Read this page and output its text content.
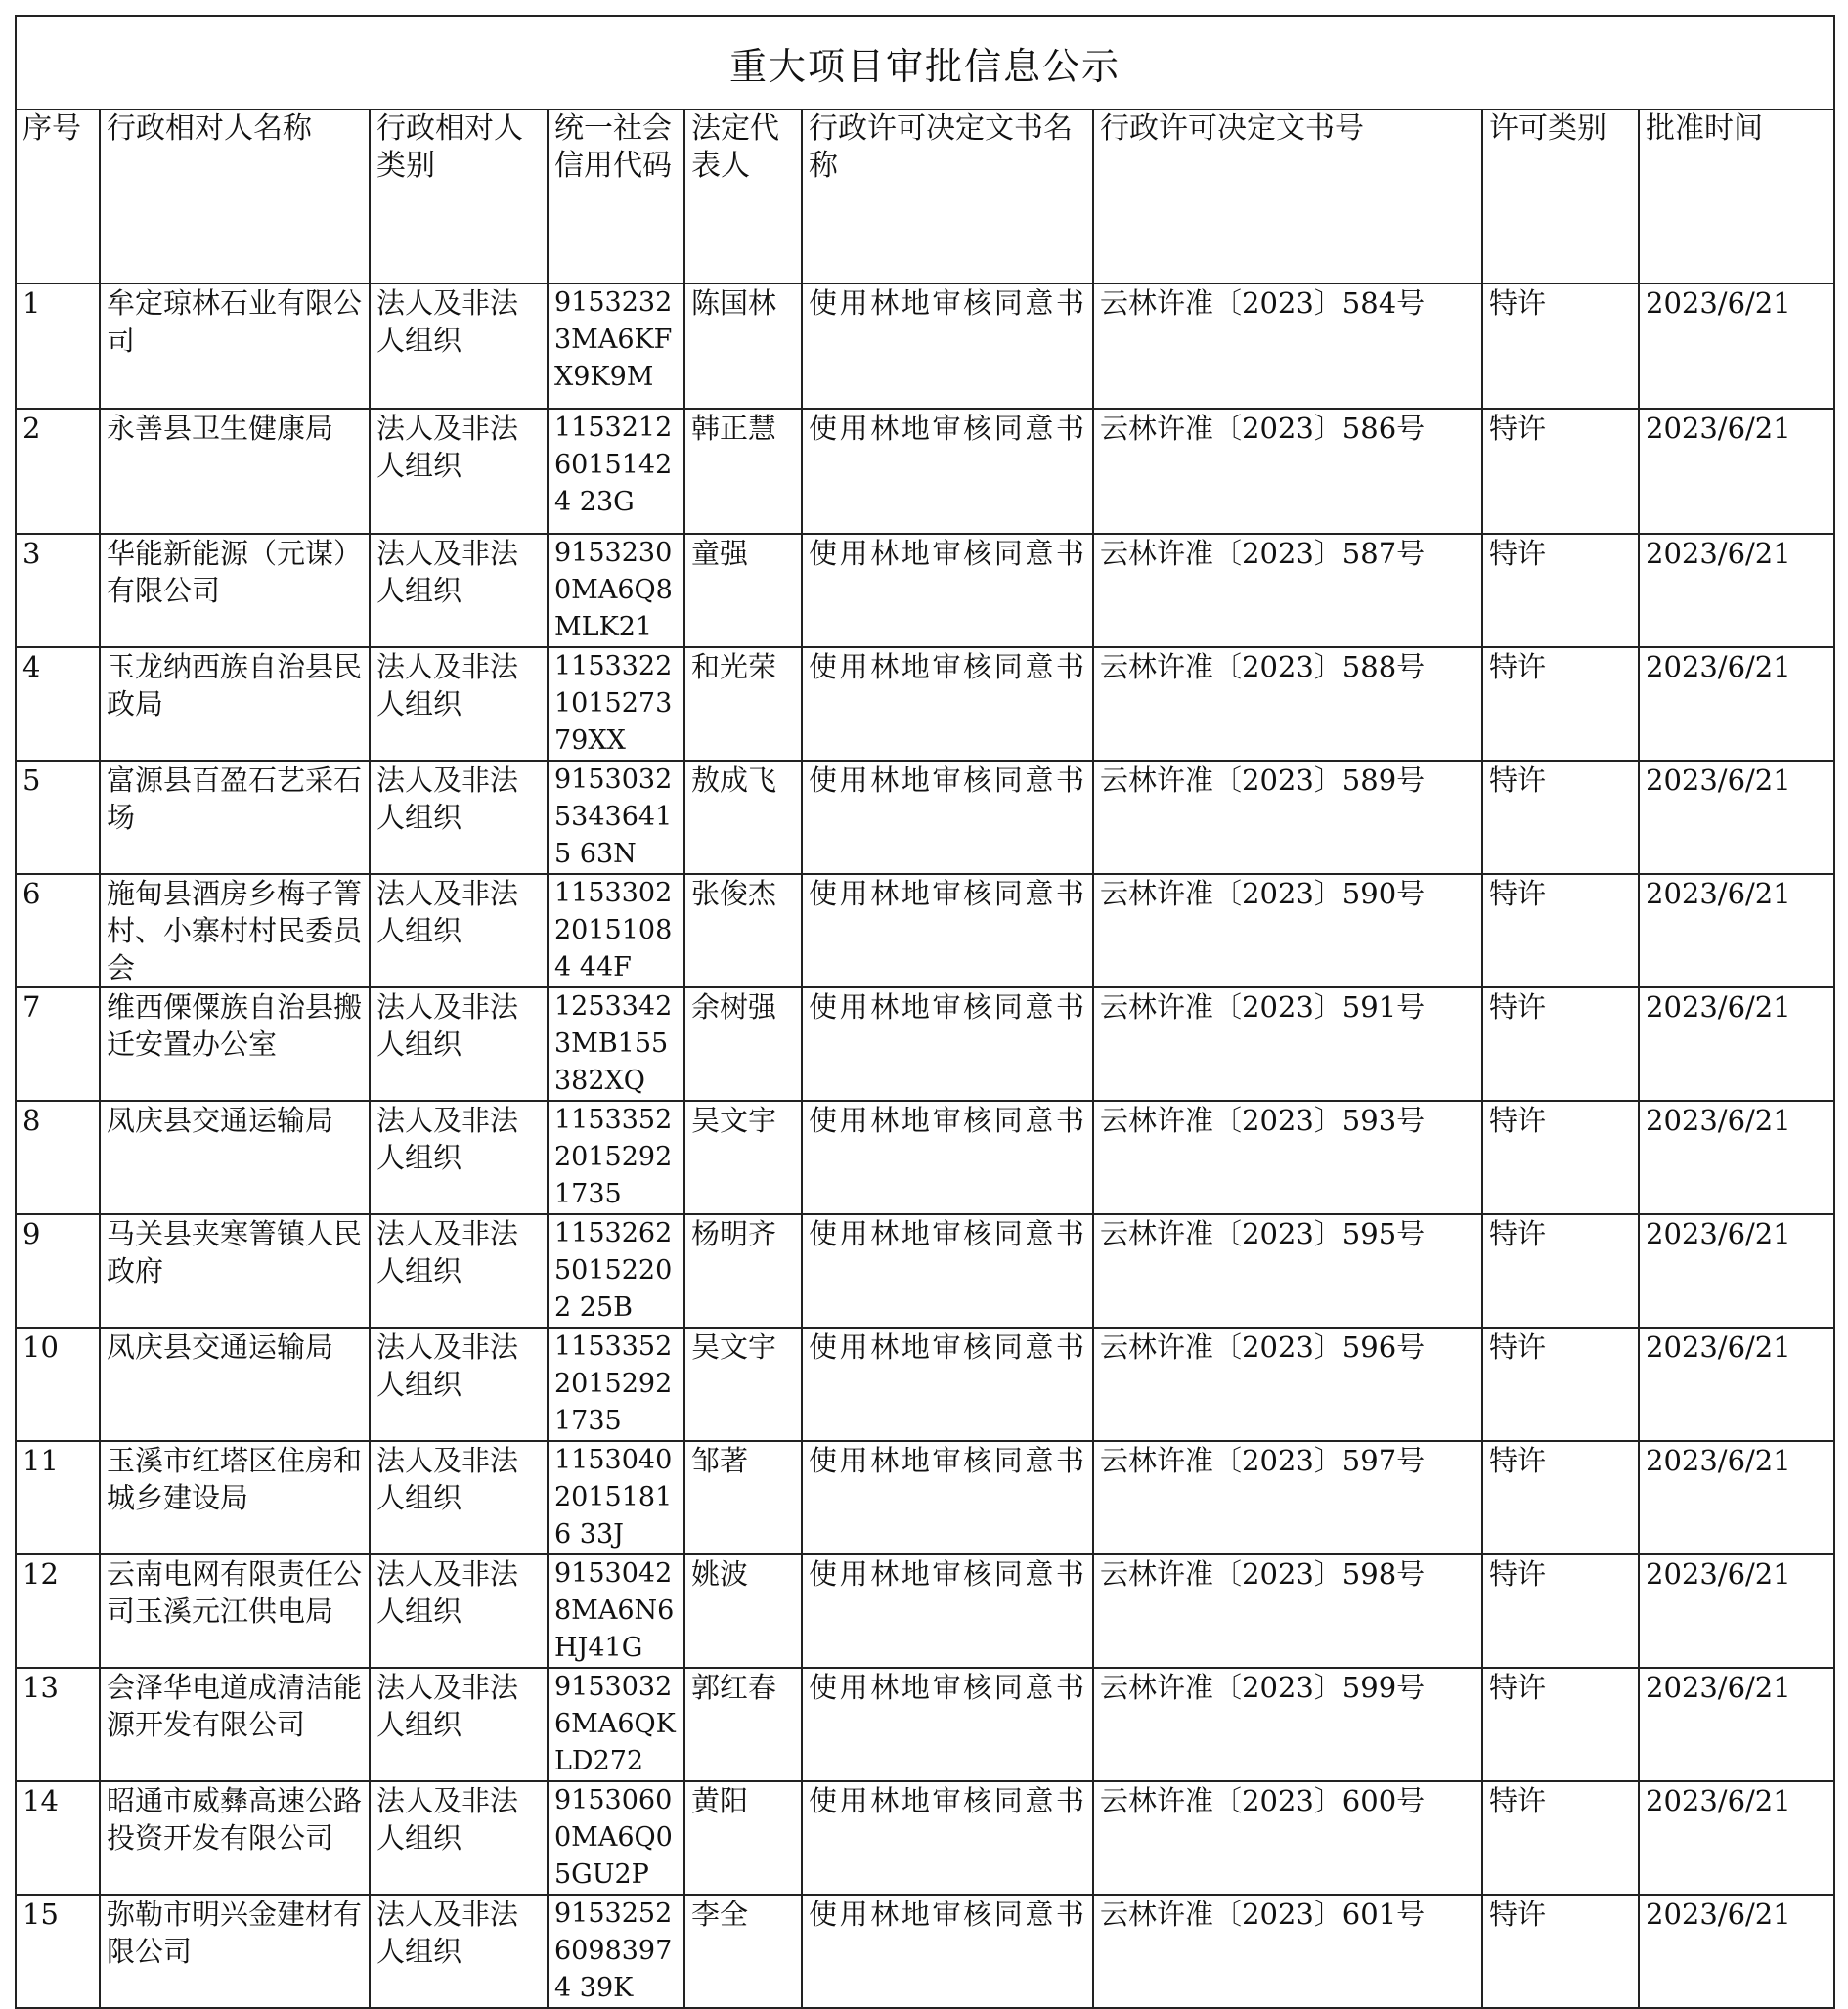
重大项目审批信息公示								
序号	行政相对人名称	行政相对人类别	统一社会信用代码	法定代表人	行政许可决定文书名称	行政许可决定文书号	许可类别	批准时间
1	牟定琼林石业有限公司	法人及非法人组织	91532323MA6KFX9K9M	陈国林	使用林地审核同意书	云林许准〔2023〕584号	特许	2023/6/21
2	永善县卫生健康局	法人及非法人组织	115321260151424 23G	韩正慧	使用林地审核同意书	云林许准〔2023〕586号	特许	2023/6/21
3	华能新能源（元谋）有限公司	法人及非法人组织	91532300MA6Q8MLK21	童强	使用林地审核同意书	云林许准〔2023〕587号	特许	2023/6/21
4	玉龙纳西族自治县民政局	法人及非法人组织	1153322101527379XX	和光荣	使用林地审核同意书	云林许准〔2023〕588号	特许	2023/6/21
5	富源县百盈石艺采石场	法人及非法人组织	915303253436415 63N	敖成飞	使用林地审核同意书	云林许准〔2023〕589号	特许	2023/6/21
6	施甸县酒房乡梅子箐村、小寨村村民委员会	法人及非法人组织	115330220151084 44F	张俊杰	使用林地审核同意书	云林许准〔2023〕590号	特许	2023/6/21
7	维西傈僳族自治县搬迁安置办公室	法人及非法人组织	12533423MB155382XQ	余树强	使用林地审核同意书	云林许准〔2023〕591号	特许	2023/6/21
8	凤庆县交通运输局	法人及非法人组织	115335220152921735	吴文宇	使用林地审核同意书	云林许准〔2023〕593号	特许	2023/6/21
9	马关县夹寒箐镇人民政府	法人及非法人组织	115326250152202 25B	杨明齐	使用林地审核同意书	云林许准〔2023〕595号	特许	2023/6/21
10	凤庆县交通运输局	法人及非法人组织	115335220152921735	吴文宇	使用林地审核同意书	云林许准〔2023〕596号	特许	2023/6/21
11	玉溪市红塔区住房和城乡建设局	法人及非法人组织	115304020151816 33J	邹著	使用林地审核同意书	云林许准〔2023〕597号	特许	2023/6/21
12	云南电网有限责任公司玉溪元江供电局	法人及非法人组织	91530428MA6N6HJ41G	姚波	使用林地审核同意书	云林许准〔2023〕598号	特许	2023/6/21
13	会泽华电道成清洁能源开发有限公司	法人及非法人组织	91530326MA6QKLD272	郭红春	使用林地审核同意书	云林许准〔2023〕599号	特许	2023/6/21
14	昭通市威彝高速公路投资开发有限公司	法人及非法人组织	91530600MA6Q05GU2P	黄阳	使用林地审核同意书	云林许准〔2023〕600号	特许	2023/6/21
15	弥勒市明兴金建材有限公司	法人及非法人组织	915325260983974 39K	李全	使用林地审核同意书	云林许准〔2023〕601号	特许	2023/6/21
